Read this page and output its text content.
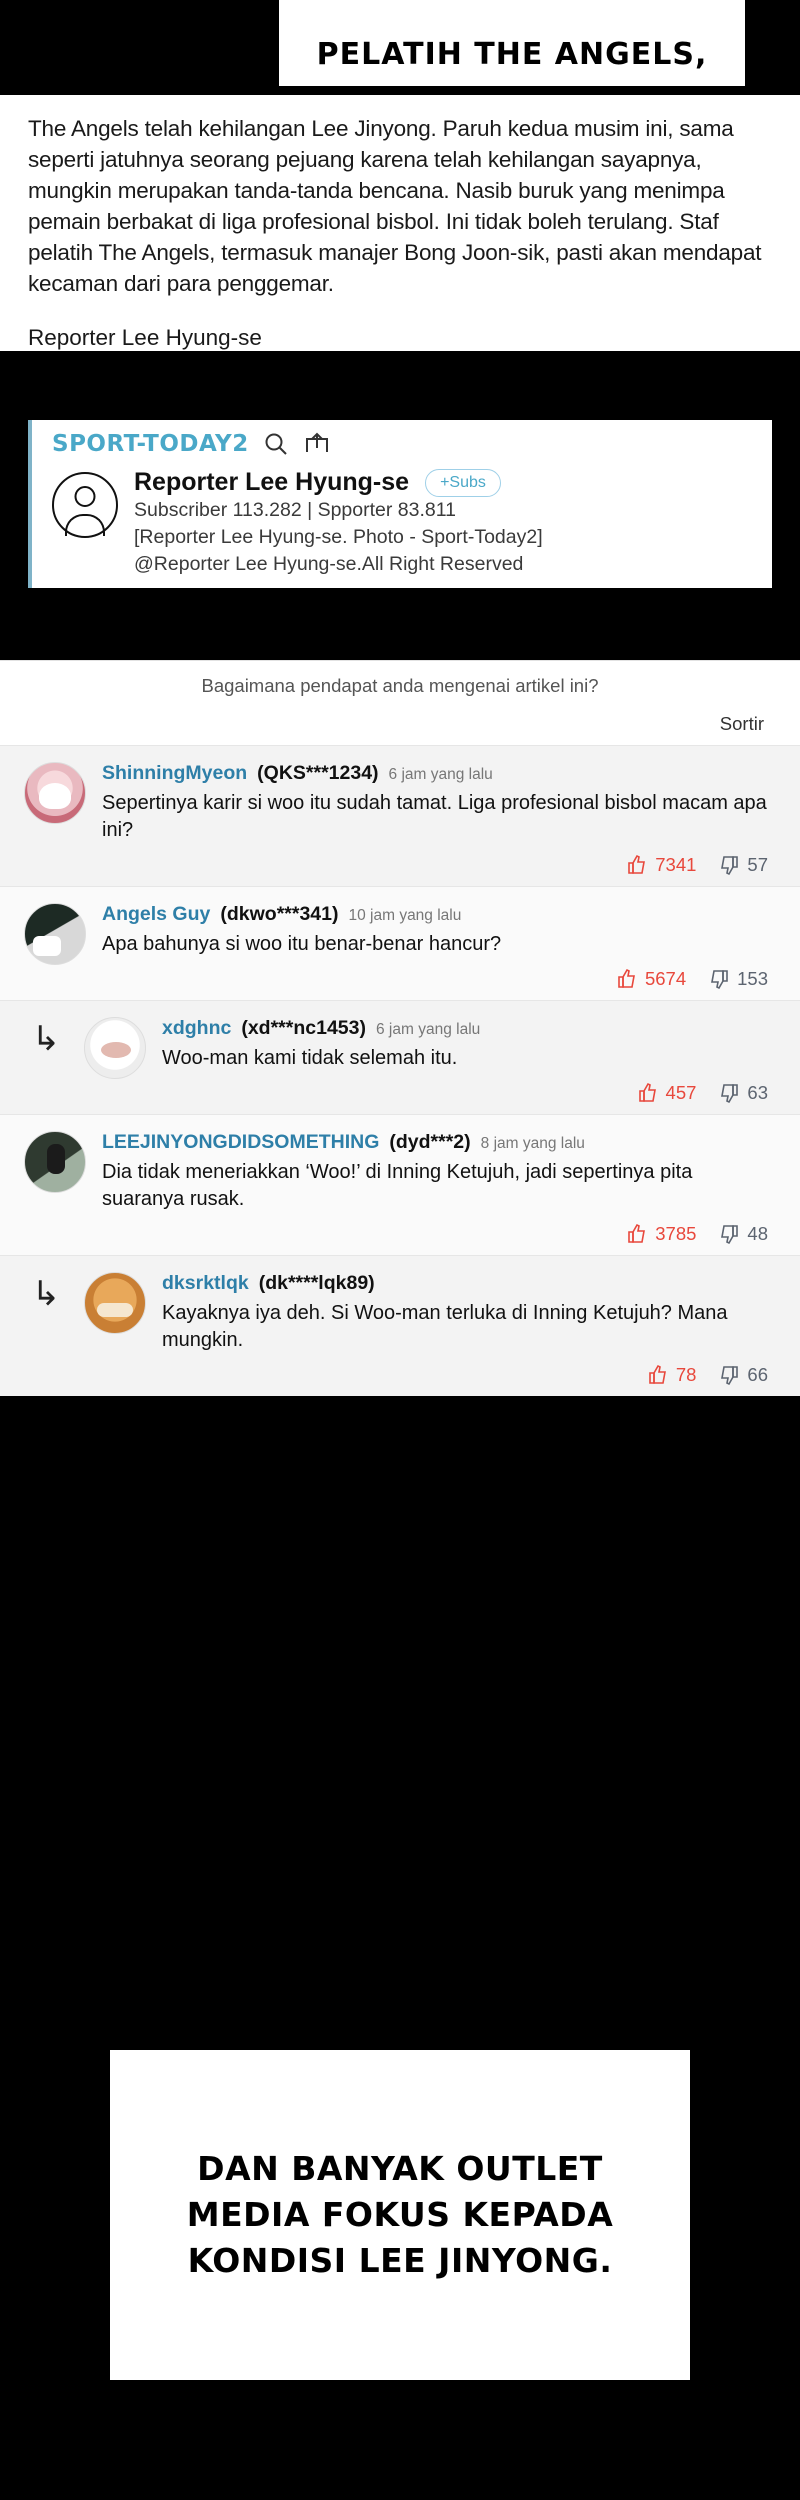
PELATIH THE ANGELS,

The Angels telah kehilangan Lee Jinyong. Paruh kedua musim ini, sama seperti jatuhnya seorang pejuang karena telah kehilangan sayapnya, mungkin merupakan tanda-tanda bencana. Nasib buruk yang menimpa pemain berbakat di liga profesional bisbol. Ini tidak boleh terulang. Staf pelatih The Angels, termasuk manajer Bong Joon-sik, pasti akan mendapat kecaman dari para penggemar.

Reporter Lee Hyung-se

SPORT-TODAY2
Reporter Lee Hyung-se	+Subs
Subscriber 113.282 | Spporter 83.811
[Reporter Lee Hyung-se. Photo - Sport-Today2]
@Reporter Lee Hyung-se.All Right Reserved
Bagaimana pendapat anda mengenai artikel ini?
Sortir
ShinningMyeon (QKS***1234) 6 jam yang lalu
Sepertinya karir si woo itu sudah tamat. Liga profesional bisbol macam apa ini?
7341	57
Angels Guy (dkwo***341) 10 jam yang lalu
Apa bahunya si woo itu benar-benar hancur?
5674	153
↳	xdghnc (xd***nc1453) 6 jam yang lalu
Woo-man kami tidak selemah itu.
457	63
LEEJINYONGDIDSOMETHING (dyd***2) 8 jam yang lalu
Dia tidak meneriakkan ‘Woo!’ di Inning Ketujuh, jadi sepertinya pita suaranya rusak.
3785	48
↳	dksrktlqk (dk****lqk89)
Kayaknya iya deh. Si Woo-man terluka di Inning Ketujuh? Mana mungkin.
78	66
DAN BANYAK OUTLET
MEDIA FOKUS KEPADA
KONDISI LEE JINYONG.
